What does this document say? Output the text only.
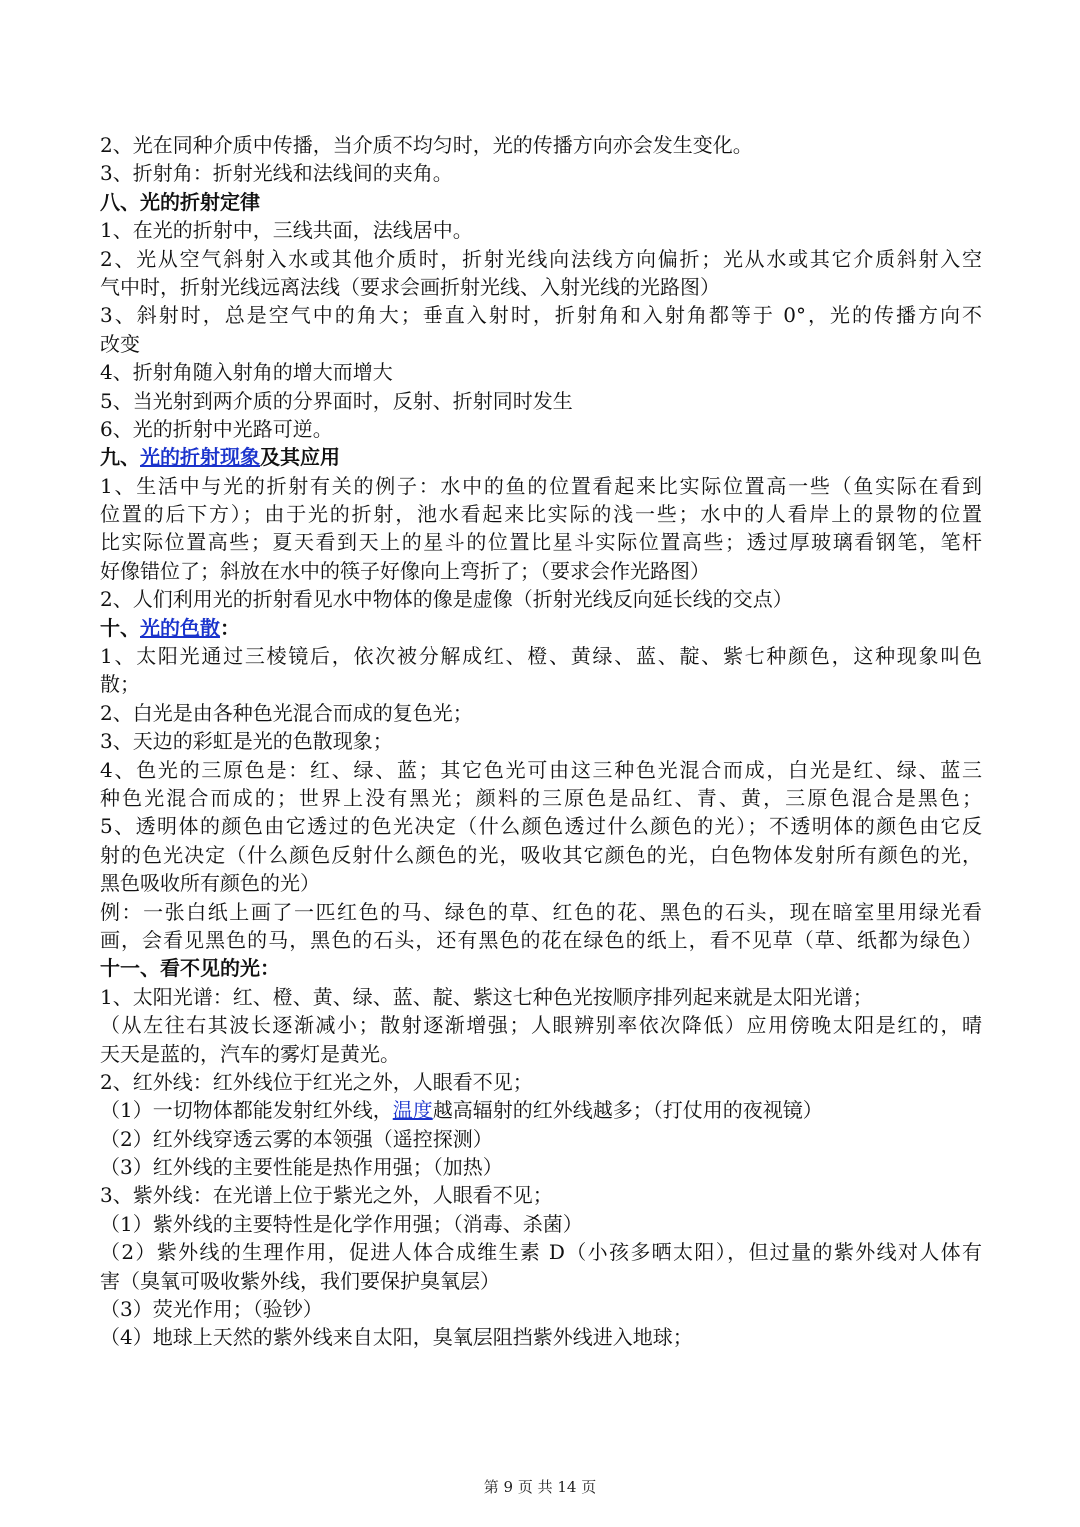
2、光在同种介质中传播，当介质不均匀时，光的传播方向亦会发生变化。
3、折射角：折射光线和法线间的夹角。
八、光的折射定律
1、在光的折射中，三线共面，法线居中。
2、光从空气斜射入水或其他介质时，折射光线向法线方向偏折；光从水或其它介质斜射入空
气中时，折射光线远离法线（要求会画折射光线、入射光线的光路图）
3、斜射时，总是空气中的角大；垂直入射时，折射角和入射角都等于 0°，光的传播方向不
改变
4、折射角随入射角的增大而增大
5、当光射到两介质的分界面时，反射、折射同时发生
6、光的折射中光路可逆。
九、光的折射现象及其应用
1、生活中与光的折射有关的例子：水中的鱼的位置看起来比实际位置高一些（鱼实际在看到
位置的后下方）；由于光的折射，池水看起来比实际的浅一些；水中的人看岸上的景物的位置
比实际位置高些；夏天看到天上的星斗的位置比星斗实际位置高些；透过厚玻璃看钢笔，笔杆
好像错位了；斜放在水中的筷子好像向上弯折了；（要求会作光路图）
2、人们利用光的折射看见水中物体的像是虚像（折射光线反向延长线的交点）
十、光的色散：
1、太阳光通过三棱镜后，依次被分解成红、橙、黄绿、蓝、靛、紫七种颜色，这种现象叫色
散；
2、白光是由各种色光混合而成的复色光；
3、天边的彩虹是光的色散现象；
4、色光的三原色是：红、绿、蓝；其它色光可由这三种色光混合而成，白光是红、绿、蓝三
种色光混合而成的；世界上没有黑光；颜料的三原色是品红、青、黄，三原色混合是黑色；
5、透明体的颜色由它透过的色光决定（什么颜色透过什么颜色的光）；不透明体的颜色由它反
射的色光决定（什么颜色反射什么颜色的光，吸收其它颜色的光，白色物体发射所有颜色的光，
黑色吸收所有颜色的光）
例：一张白纸上画了一匹红色的马、绿色的草、红色的花、黑色的石头，现在暗室里用绿光看
画，会看见黑色的马，黑色的石头，还有黑色的花在绿色的纸上，看不见草（草、纸都为绿色）
十一、看不见的光：
1、太阳光谱：红、橙、黄、绿、蓝、靛、紫这七种色光按顺序排列起来就是太阳光谱；
（从左往右其波长逐渐减小；散射逐渐增强；人眼辨别率依次降低）应用傍晚太阳是红的，晴
天天是蓝的，汽车的雾灯是黄光。
2、红外线：红外线位于红光之外，人眼看不见；
（1）一切物体都能发射红外线，温度越高辐射的红外线越多；（打仗用的夜视镜）
（2）红外线穿透云雾的本领强（遥控探测）
（3）红外线的主要性能是热作用强；（加热）
3、紫外线：在光谱上位于紫光之外，人眼看不见；
（1）紫外线的主要特性是化学作用强；（消毒、杀菌）
（2）紫外线的生理作用，促进人体合成维生素 D（小孩多晒太阳），但过量的紫外线对人体有
害（臭氧可吸收紫外线，我们要保护臭氧层）
（3）荧光作用；（验钞）
（4）地球上天然的紫外线来自太阳，臭氧层阻挡紫外线进入地球；
第 9 页 共 14 页
